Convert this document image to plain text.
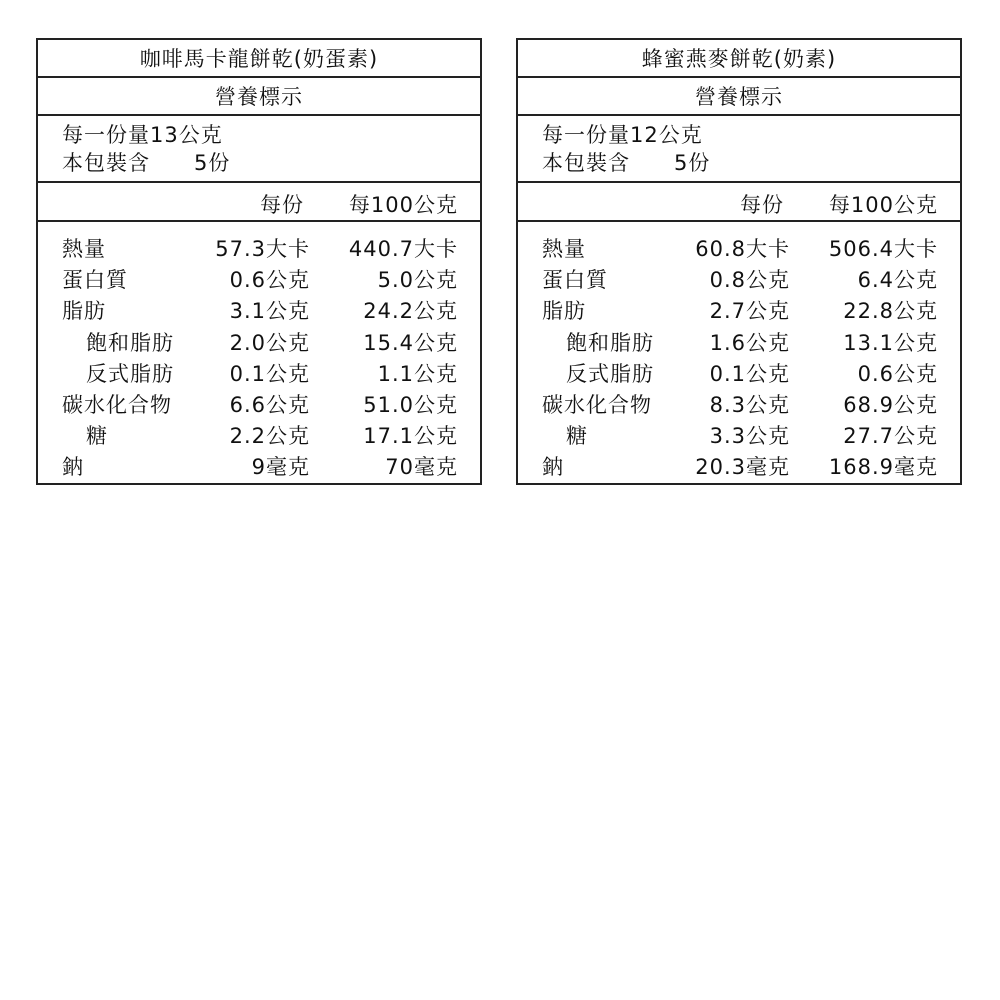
咖啡馬卡龍餅乾(奶蛋素)
營養標示
每一份量13公克
本包裝含	5份
每份 每100公克
熱量	57.3大卡 440.7大卡
蛋白質	0.6公克	5.0公克
脂肪	3.1公克	24.2公克
飽和脂肪	2.0公克	15.4公克
反式脂肪	0.1公克	1.1公克
碳水化合物	6.6公克	51.0公克
糖	2.2公克	17.1公克
鈉	9毫克	70毫克
蜂蜜燕麥餅乾(奶素)
營養標示
每一份量12公克
本包裝含	5份
每份 每100公克
熱量	60.8大卡 506.4大卡
蛋白質	0.8公克	6.4公克
脂肪	2.7公克	22.8公克
飽和脂肪	1.6公克	13.1公克
反式脂肪	0.1公克	0.6公克
碳水化合物	8.3公克	68.9公克
糖	3.3公克	27.7公克
鈉	20.3毫克 168.9毫克
